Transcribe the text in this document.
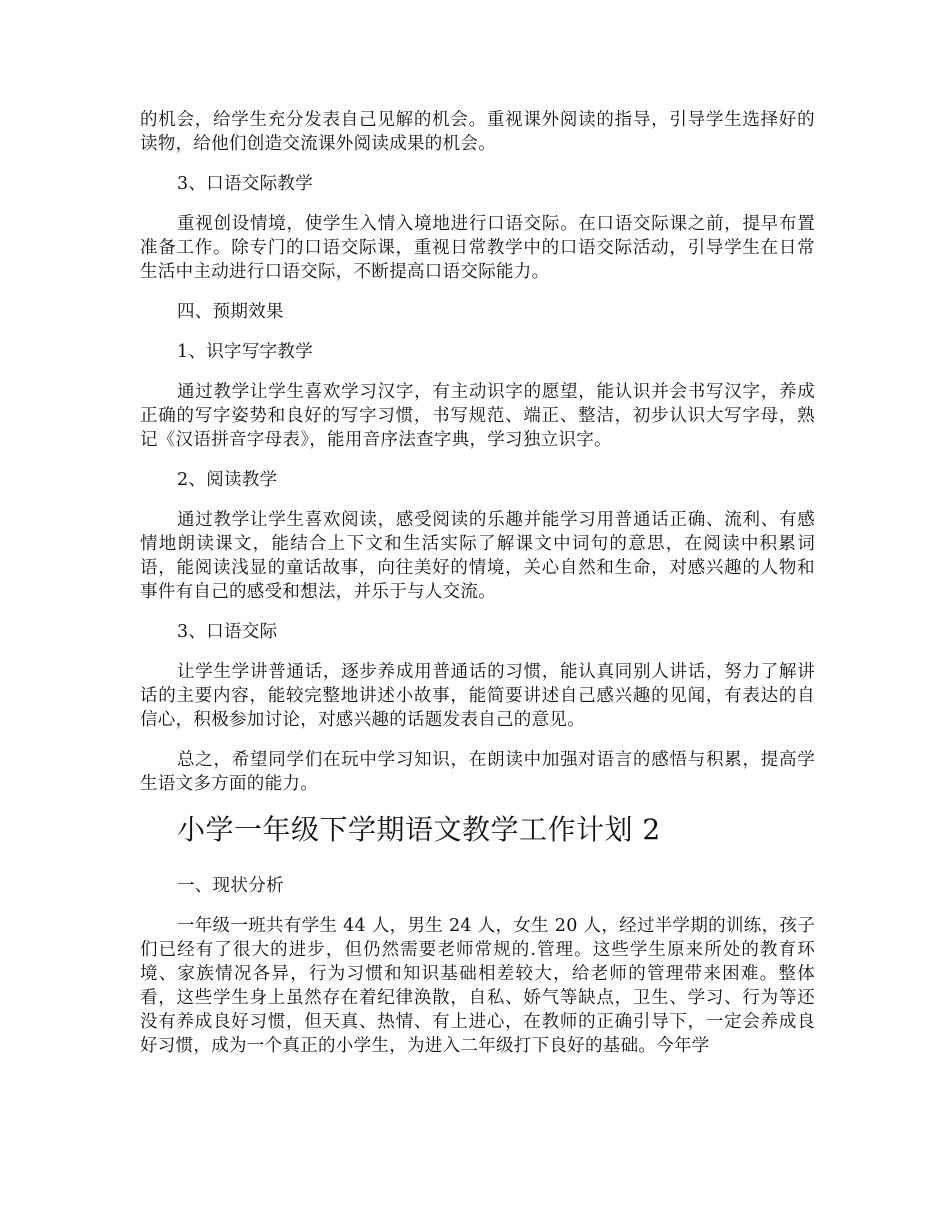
的机会，给学生充分发表自己见解的机会。重视课外阅读的指导，引导学生选择好的读物，给他们创造交流课外阅读成果的机会。

3、口语交际教学

重视创设情境，使学生入情入境地进行口语交际。在口语交际课之前，提早布置准备工作。除专门的口语交际课，重视日常教学中的口语交际活动，引导学生在日常生活中主动进行口语交际，不断提高口语交际能力。

四、预期效果

1、识字写字教学

通过教学让学生喜欢学习汉字，有主动识字的愿望，能认识并会书写汉字，养成正确的写字姿势和良好的写字习惯，书写规范、端正、整洁，初步认识大写字母，熟记《汉语拼音字母表》，能用音序法查字典，学习独立识字。

2、阅读教学

通过教学让学生喜欢阅读，感受阅读的乐趣并能学习用普通话正确、流利、有感情地朗读课文，能结合上下文和生活实际了解课文中词句的意思，在阅读中积累词语，能阅读浅显的童话故事，向往美好的情境，关心自然和生命，对感兴趣的人物和事件有自己的感受和想法，并乐于与人交流。

3、口语交际

让学生学讲普通话，逐步养成用普通话的习惯，能认真同别人讲话，努力了解讲话的主要内容，能较完整地讲述小故事，能简要讲述自己感兴趣的见闻，有表达的自信心，积极参加讨论，对感兴趣的话题发表自己的意见。

总之，希望同学们在玩中学习知识，在朗读中加强对语言的感悟与积累，提高学生语文多方面的能力。

小学一年级下学期语文教学工作计划 2

一、现状分析

一年级一班共有学生 44 人，男生 24 人，女生 20 人，经过半学期的训练，孩子们已经有了很大的进步，但仍然需要老师常规的.管理。这些学生原来所处的教育环境、家族情况各异，行为习惯和知识基础相差较大，给老师的管理带来困难。整体看，这些学生身上虽然存在着纪律涣散，自私、娇气等缺点，卫生、学习、行为等还没有养成良好习惯，但天真、热情、有上进心，在教师的正确引导下，一定会养成良好习惯，成为一个真正的小学生，为进入二年级打下良好的基础。今年学
